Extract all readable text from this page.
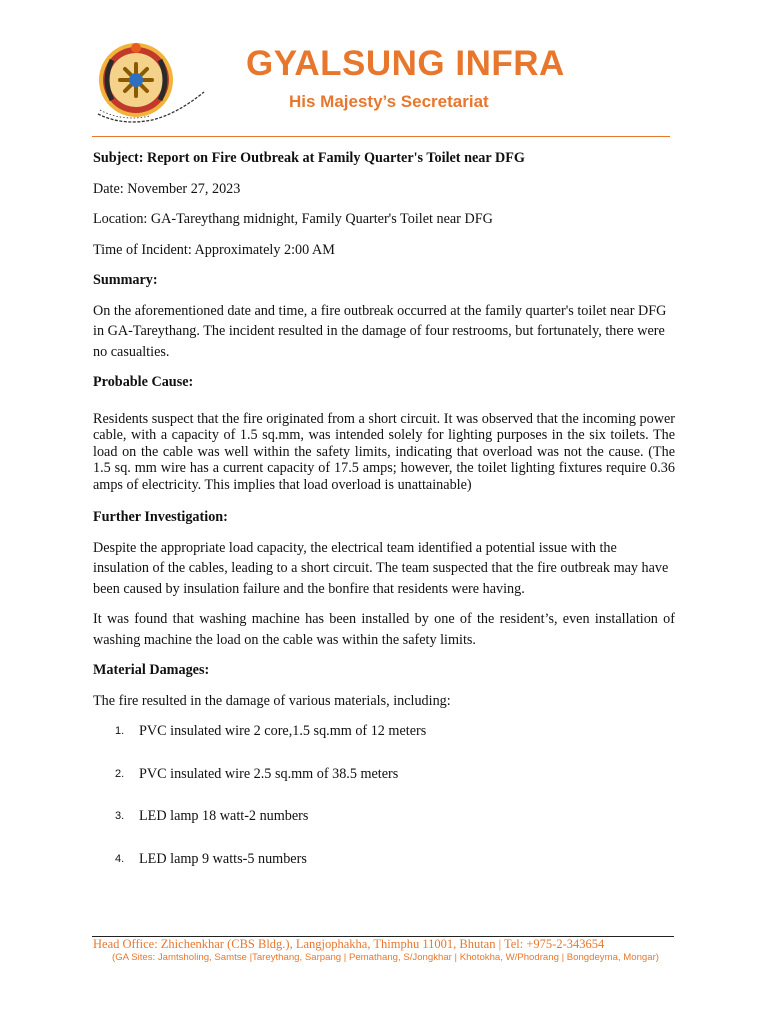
GYALSUNG INFRA
His Majesty’s Secretariat

Subject: Report on Fire Outbreak at Family Quarter's Toilet near DFG

Date: November 27, 2023

Location: GA-Tareythang midnight, Family Quarter's Toilet near DFG

Time of Incident: Approximately 2:00 AM

Summary:

On the aforementioned date and time, a fire outbreak occurred at the family quarter's toilet near DFG in GA-Tareythang. The incident resulted in the damage of four restrooms, but fortunately, there were no casualties.

Probable Cause:

Residents suspect that the fire originated from a short circuit. It was observed that the incoming power cable, with a capacity of 1.5 sq.mm, was intended solely for lighting purposes in the six toilets. The load on the cable was well within the safety limits, indicating that overload was not the cause. (The 1.5 sq. mm wire has a current capacity of 17.5 amps; however, the toilet lighting fixtures require 0.36 amps of electricity. This implies that load overload is unattainable)

Further Investigation:

Despite the appropriate load capacity, the electrical team identified a potential issue with the insulation of the cables, leading to a short circuit. The team suspected that the fire outbreak may have been caused by insulation failure and the bonfire that residents were having.

It was found that washing machine has been installed by one of the resident’s, even installation of washing machine the load on the cable was within the safety limits.

Material Damages:

The fire resulted in the damage of various materials, including:

1.	PVC insulated wire 2 core,1.5 sq.mm of 12 meters
2.	PVC insulated wire 2.5 sq.mm of 38.5 meters
3.	LED lamp 18 watt-2 numbers
4.	LED lamp 9 watts-5 numbers
Head Office: Zhichenkhar (CBS Bldg.), Langjophakha, Thimphu 11001, Bhutan | Tel: +975-2-343654
(GA Sites: Jamtsholing, Samtse |Tareythang, Sarpang | Pemathang, S/Jongkhar | Khotokha, W/Phodrang | Bongdeyma, Mongar)
